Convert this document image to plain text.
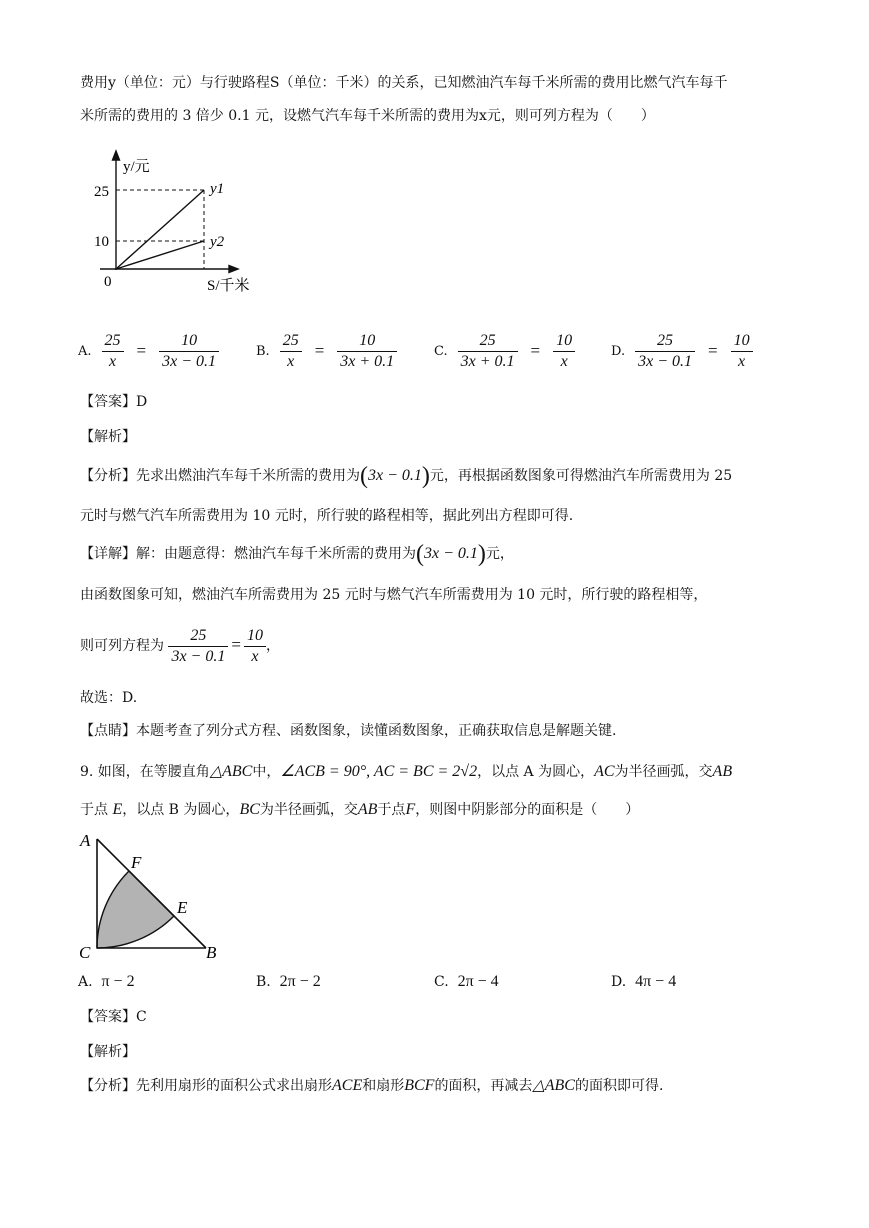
费用y（单位：元）与行驶路程S（单位：千米）的关系，已知燃油汽车每千米所需的费用比燃气汽车每千
米所需的费用的 3 倍少 0.1 元，设燃气汽车每千米所需的费用为x元，则可列方程为（　　）
y/元
25
10
0
y1
y2
S/千米
A. $\frac{25}{x} = \frac{10}{3x - 0.1}$	B. $\frac{25}{x} = \frac{10}{3x + 0.1}$	C. $\frac{25}{3x + 0.1} = \frac{10}{x}$	D. $\frac{25}{3x - 0.1} = \frac{10}{x}$
【答案】D
【解析】
【分析】先求出燃油汽车每千米所需的费用为(3x − 0.1)元，再根据函数图象可得燃油汽车所需费用为 25
元时与燃气汽车所需费用为 10 元时，所行驶的路程相等，据此列出方程即可得.
【详解】解：由题意得：燃油汽车每千米所需的费用为(3x − 0.1)元，
由函数图象可知，燃油汽车所需费用为 25 元时与燃气汽车所需费用为 10 元时，所行驶的路程相等，
则可列方程为 $\frac{25}{3x - 0.1} = \frac{10}{x}$ ，
故选：D.
【点睛】本题考查了列分式方程、函数图象，读懂函数图象，正确获取信息是解题关键.
9. 如图，在等腰直角△ABC中，∠ACB = 90°, AC = BC = 2√2，以点 A 为圆心，AC为半径画弧，交AB
于点 E，以点 B 为圆心，BC为半径画弧，交AB于点F，则图中阴影部分的面积是（　　）
A
F
E
C	B
A. π − 2	B. 2π − 2	C. 2π − 4	D. 4π − 4
【答案】C
【解析】
【分析】先利用扇形的面积公式求出扇形ACE和扇形BCF的面积，再减去△ABC的面积即可得.
